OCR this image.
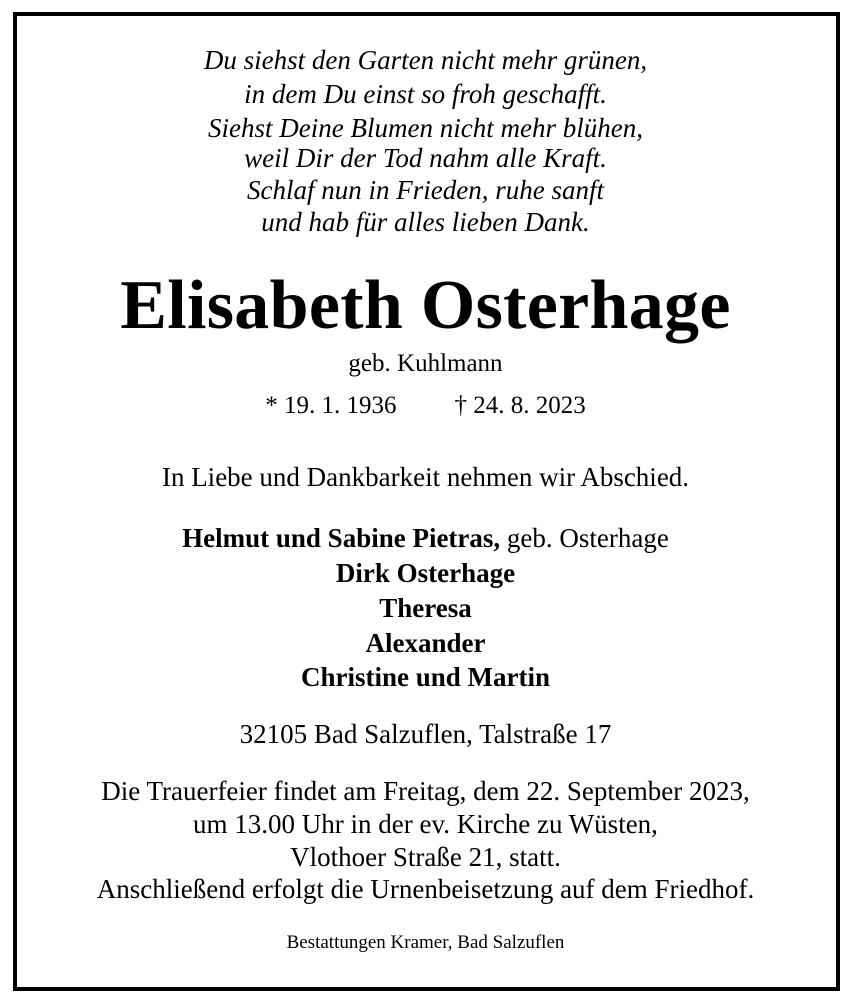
Du siehst den Garten nicht mehr grünen,
in dem Du einst so froh geschafft.
Siehst Deine Blumen nicht mehr blühen,
weil Dir der Tod nahm alle Kraft.
Schlaf nun in Frieden, ruhe sanft
und hab für alles lieben Dank.
Elisabeth Osterhage
geb. Kuhlmann
* 19. 1. 1936 † 24. 8. 2023
In Liebe und Dankbarkeit nehmen wir Abschied.
Helmut und Sabine Pietras, geb. Osterhage
Dirk Osterhage
Theresa
Alexander
Christine und Martin
32105 Bad Salzuflen, Talstraße 17
Die Trauerfeier findet am Freitag, dem 22. September 2023,
um 13.00 Uhr in der ev. Kirche zu Wüsten,
Vlothoer Straße 21, statt.
Anschließend erfolgt die Urnenbeisetzung auf dem Friedhof.
Bestattungen Kramer, Bad Salzuflen
